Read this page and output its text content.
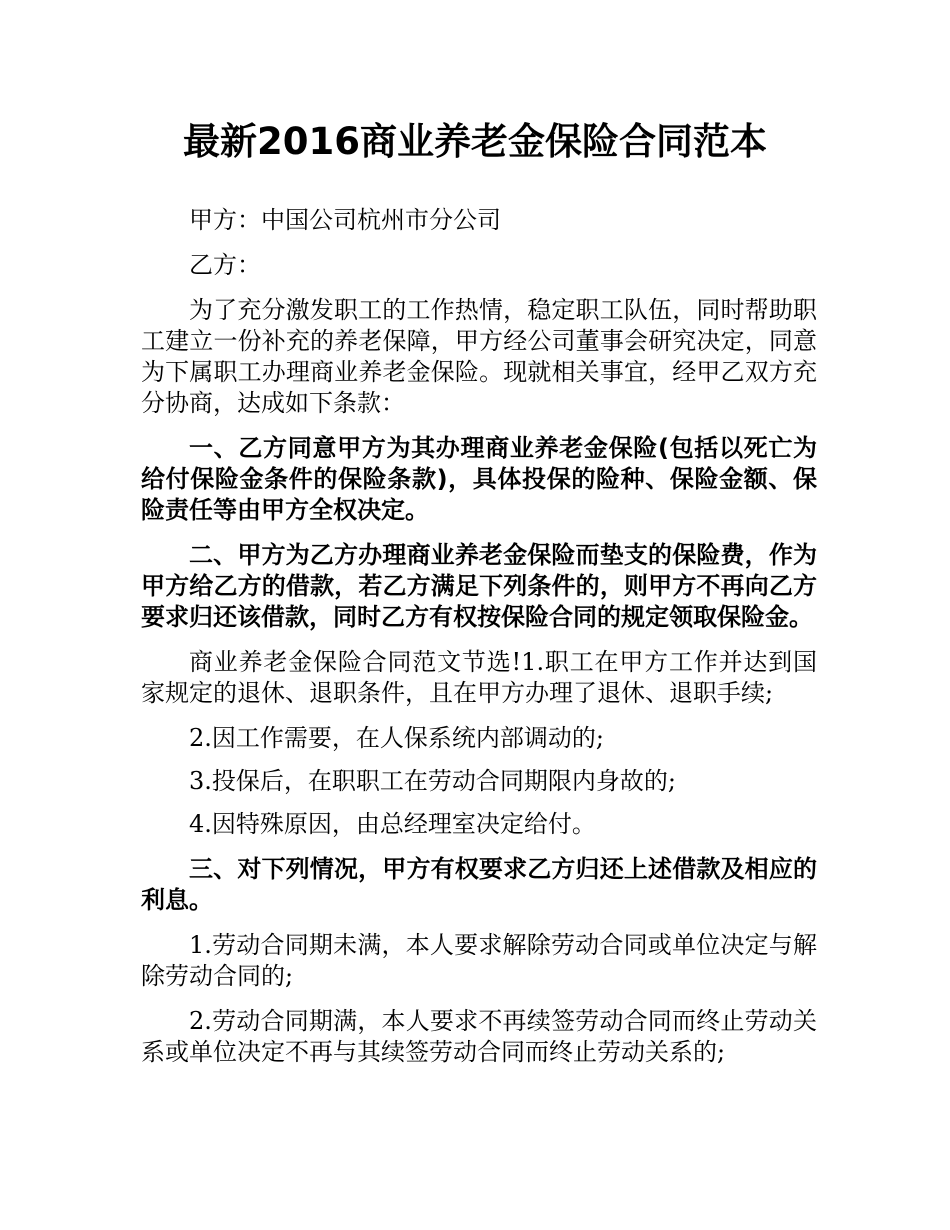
最新2016商业养老金保险合同范本

甲方：中国公司杭州市分公司

乙方：

为了充分激发职工的工作热情，稳定职工队伍，同时帮助职工建立一份补充的养老保障，甲方经公司董事会研究决定，同意为下属职工办理商业养老金保险。现就相关事宜，经甲乙双方充分协商，达成如下条款：

一、乙方同意甲方为其办理商业养老金保险(包括以死亡为给付保险金条件的保险条款)，具体投保的险种、保险金额、保险责任等由甲方全权决定。

二、甲方为乙方办理商业养老金保险而垫支的保险费，作为甲方给乙方的借款，若乙方满足下列条件的，则甲方不再向乙方要求归还该借款，同时乙方有权按保险合同的规定领取保险金。

商业养老金保险合同范文节选!1.职工在甲方工作并达到国家规定的退休、退职条件，且在甲方办理了退休、退职手续;

2.因工作需要，在人保系统内部调动的;

3.投保后，在职职工在劳动合同期限内身故的;

4.因特殊原因，由总经理室决定给付。

三、对下列情况，甲方有权要求乙方归还上述借款及相应的利息。

1.劳动合同期未满，本人要求解除劳动合同或单位决定与解除劳动合同的;

2.劳动合同期满，本人要求不再续签劳动合同而终止劳动关系或单位决定不再与其续签劳动合同而终止劳动关系的;
